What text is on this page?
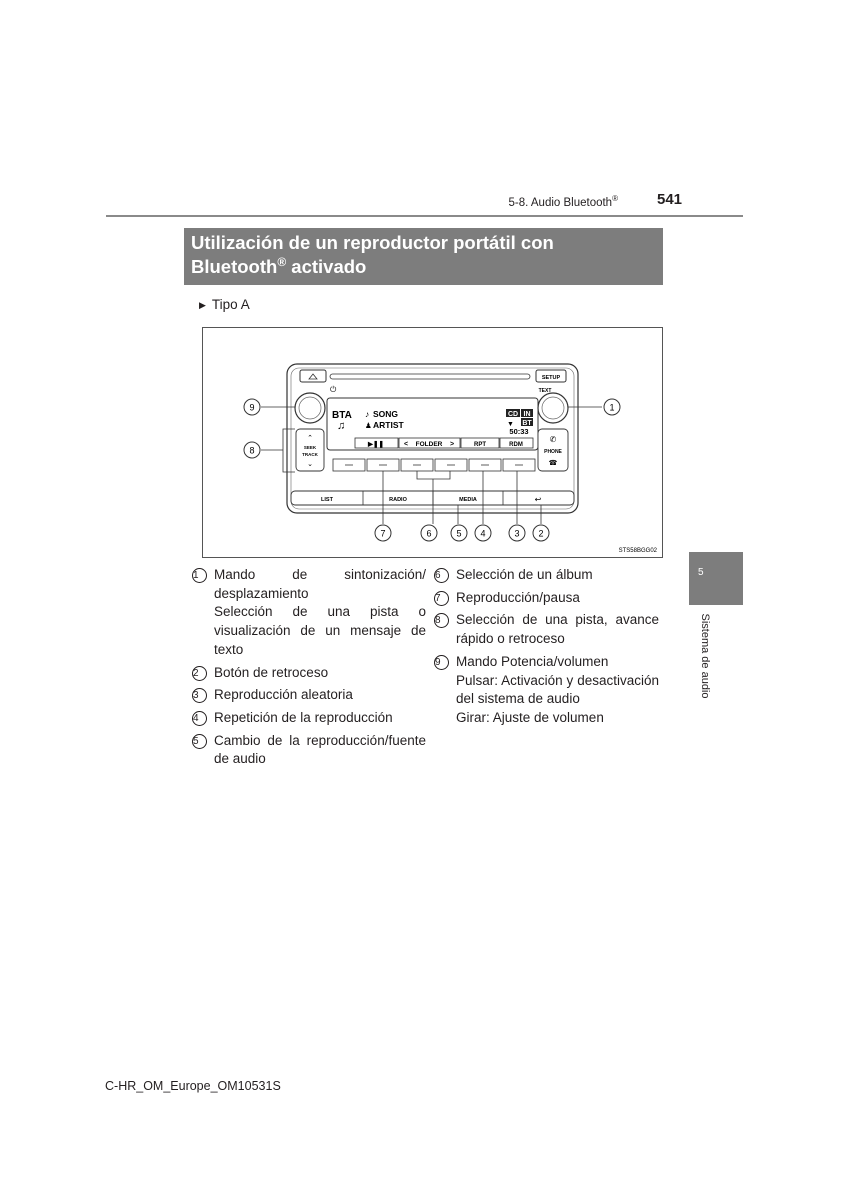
5-8. Audio Bluetooth®	541
Utilización de un reproductor portátil con
Bluetooth® activado
▶ Tipo A
SETUP
TEXT
⏻
BTA
♫
♪ SONG
♟ ARTIST
CD IN
▼ BT
50:33
▶❚❚	< FOLDER >	RPT	RDM
⌃
SEEK
TRACK
⌄
✆
PHONE
☎
LIST	RADIO	MEDIA	↩
1
2
3
4
5
6
7
8
9
STS58BGG02
5
Sistema de audio
1	Mando de sintonización/ desplazamiento
Selección de una pista o visualización de un mensaje de texto
2	Botón de retroceso
3	Reproducción aleatoria
4	Repetición de la reproducción
5	Cambio de la reproducción/fuente de audio
6	Selección de un álbum
7	Reproducción/pausa
8	Selección de una pista, avance rápido o retroceso
9	Mando Potencia/volumen
Pulsar: Activación y desactivación del sistema de audio
Girar: Ajuste de volumen
C-HR_OM_Europe_OM10531S
